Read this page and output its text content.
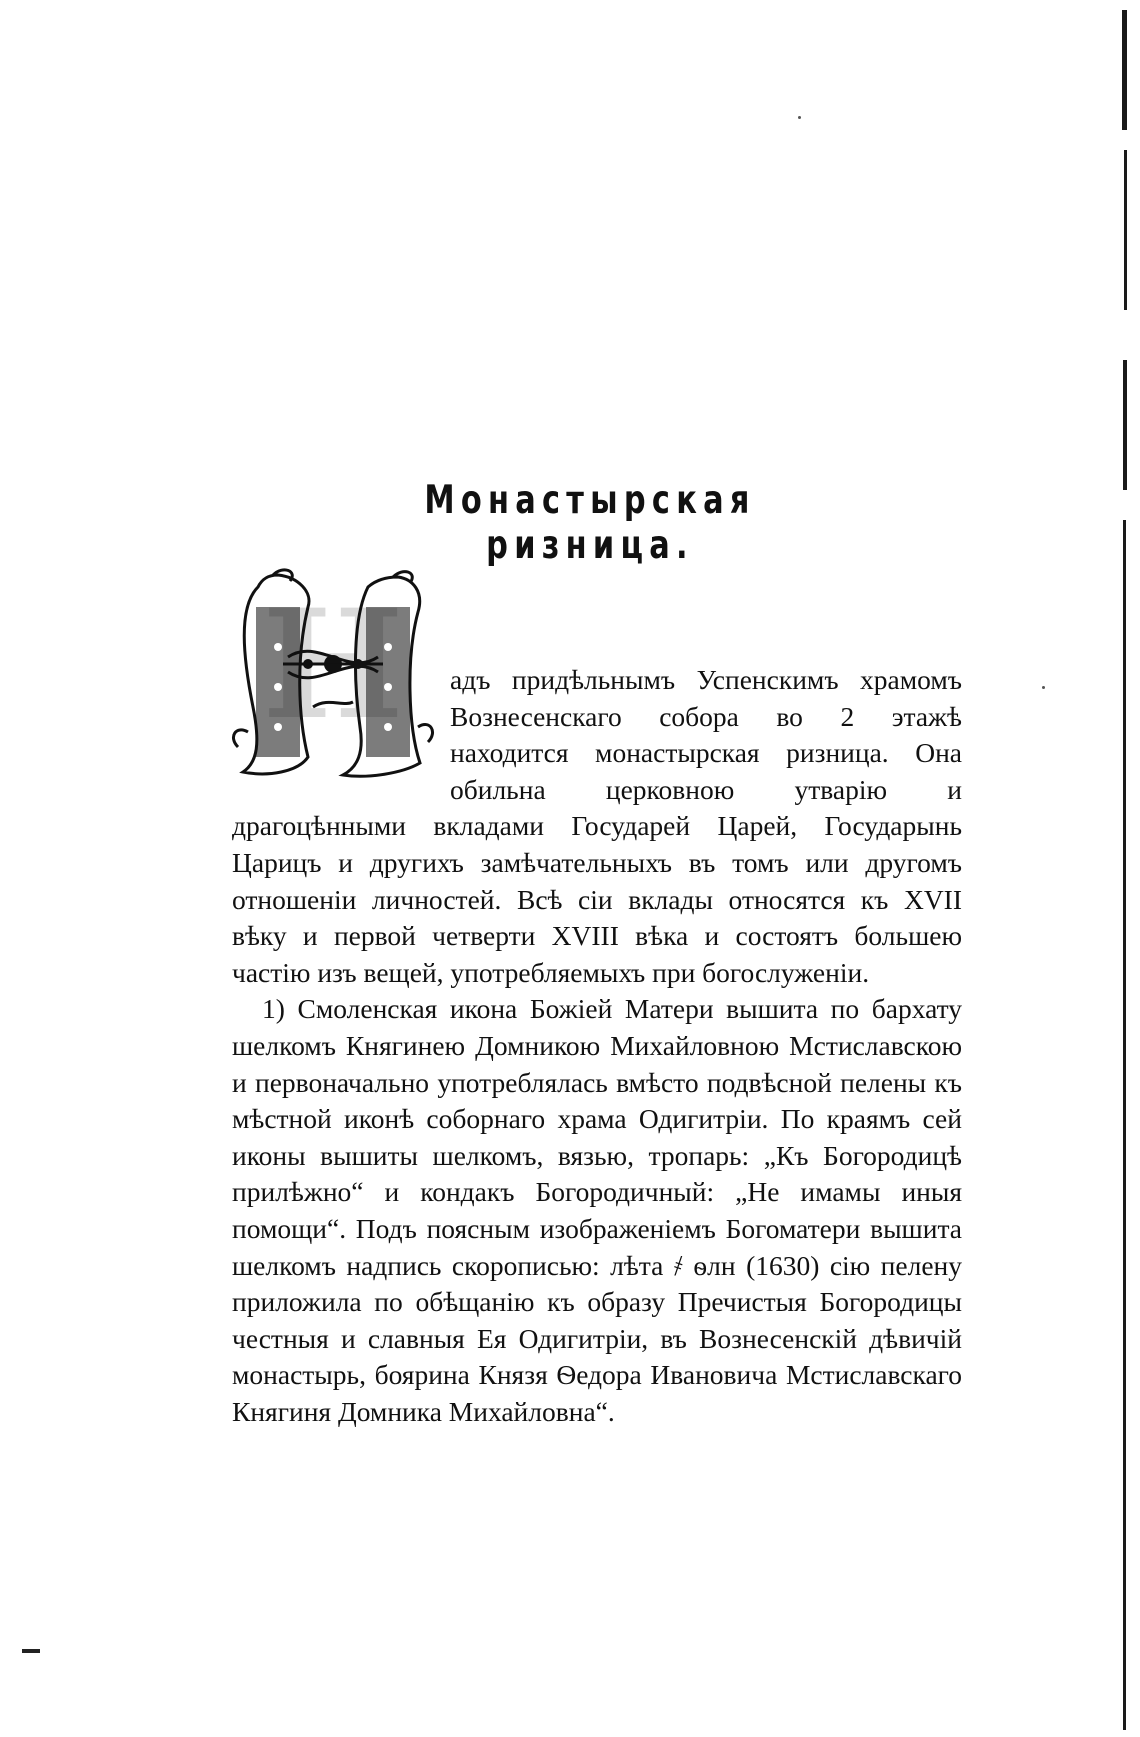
Монастырская ризница.
Н	адъ придѣльнымъ Успенскимъ храмомъ Вознесенскаго собора во 2 этажѣ находится монастырская ризница. Она обильна церковною утварію и драгоцѣнными вкладами Государей Царей, Государынь Царицъ и другихъ замѣчательныхъ въ томъ или другомъ отношеніи личностей. Всѣ сіи вклады относятся къ XVII вѣку и первой четверти XVIII вѣка и состоятъ большею частію изъ вещей, употребляемыхъ при богослуженіи.

1) Смоленская икона Божіей Матери вышита по бархату шелкомъ Княгинею Домникою Михайловною Мстиславскою и первоначально употреблялась вмѣсто подвѣсной пелены къ мѣстной иконѣ соборнаго храма Одигитріи. По краямъ сей иконы вышиты шелкомъ, вязью, тропарь: „Къ Богородицѣ прилѣжно“ и кондакъ Богородичный: „Не имамы иныя помощи“. Подъ поясным изображеніемъ Богоматери вышита шелкомъ надпись скорописью: лѣта ҂ ѳлн (1630) сію пелену приложила по обѣщанію къ образу Пречистыя Богородицы честныя и славныя Ея Одигитріи, въ Вознесенскій дѣвичій монастырь, боярина Князя Ѳедора Ивановича Мстиславскаго Княгиня Домника Михайловна“.
